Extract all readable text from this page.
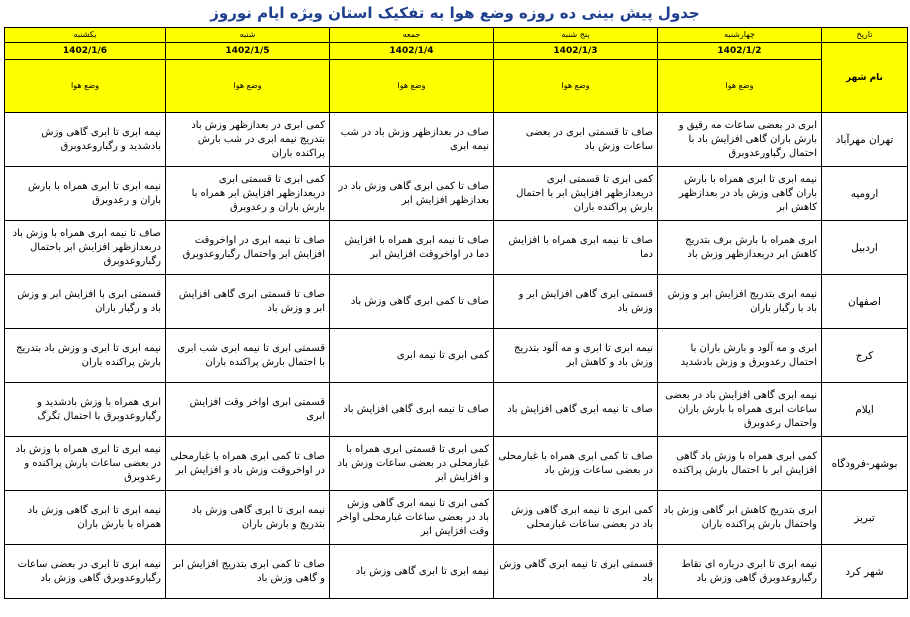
جدول پیش بینی ده روزه وضع هوا به تفکیک استان ویژه ایام نوروز
تاریخ	چهارشنبه	پنج شنبه	جمعه	شنبه	یکشنبه
نام شهر	1402/1/2	1402/1/3	1402/1/4	1402/1/5	1402/1/6
	وضع هوا	وضع هوا	وضع هوا	وضع هوا	وضع هوا
تهران مهرآباد	ابری در بعضی ساعات مه رقیق و بارش باران گاهی افزایش باد با احتمال رگباورعدوبرق	صاف تا قسمتی ابری در بعضی ساعات وزش باد	صاف در بعدازظهر وزش باد در شب نیمه ابری	کمی ابری در بعدازظهر وزش باد بتدریج نیمه ابری در شب بارش پراکنده باران	نیمه ابری تا ابری گاهی وزش بادشدید و رگباروعدوبرق
ارومیه	نیمه ابری تا ابری همراه با بارش باران گاهی وزش باد در بعدازظهر کاهش ابر	کمی ابری تا قسمتی ابری دربعدازظهر افزایش ابر با احتمال بارش پراکنده باران	صاف تا کمی ابری گاهی وزش باد در بعدازظهر افزایش ابر	کمی ابری تا قسمتی ابری دربعدازظهر افزایش ابر همراه با بارش باران و رعدوبرق	نیمه ابری تا ابری همراه با بارش باران و رعدوبرق
اردبیل	ابری همراه با بارش برف بتدریج کاهش ابر دربعدازظهر وزش باد	صاف تا نیمه ابری همراه با افزایش دما	صاف تا نیمه ابری همراه با افزایش دما در اواخروقت افزایش ابر	صاف تا نیمه ابری در اواخروقت افزایش ابر واحتمال رگباروعدوبرق	صاف تا نیمه ابری همراه با وزش باد دربعدازظهر افزایش ابر باحتمال رگباروعدوبرق
اصفهان	نیمه ابری بتدریج افزایش ابر و وزش باد با رگبار باران	قسمتی ابری گاهی افزایش ابر و وزش باد	صاف تا کمی ابری گاهی وزش باد	صاف تا قسمتی ابری گاهی افزایش ابر و وزش باد	قسمتی ابری با افزایش ابر و وزش باد و رگبار باران
کرج	ابری و مه آلود و بارش باران با احتمال رعدوبرق و وزش بادشدید	نیمه ابری تا ابری و مه آلود بتدریج وزش باد و کاهش ابر	کمی ابری تا نیمه ابری	قسمتی ابری تا نیمه ابری شب ابری با احتمال بارش پراکنده باران	نیمه ابری تا ابری و وزش باد بتدریج بارش پراکنده باران
ایلام	نیمه ابری گاهی افزایش باد در بعضی ساعات ابری همراه با بارش باران واحتمال رعدوبرق	صاف تا نیمه ابری گاهی افزایش باد	صاف تا نیمه ابری گاهی افزایش باد	قسمتی ابری اواخر وقت افزایش ابری	ابری همراه با وزش بادشدید و رگباروعدوبرق با احتمال تگرگ
بوشهر-فرودگاه	کمی ابری همراه با وزش باد گاهی افزایش ابر با احتمال بارش پراکنده	صاف تا کمی ابری همراه با غبارمحلی در بعضی ساعات وزش باد	کمی ابری تا قسمتی ابری همراه با غبارمحلی در بعضی ساعات وزش باد و افزایش ابر	صاف تا کمی ابری همراه با غبارمحلی در اواخروقت وزش باد و افزایش ابر	نیمه ابری تا ابری همراه با وزش باد در بعضی ساعات بارش پراکنده و رعدوبرق
تبریز	ابری بتدریج کاهش ابر گاهی وزش باد واحتمال بارش پراکنده باران	کمی ابری تا نیمه ابری گاهی وزش باد در بعضی ساعات غبارمحلی	کمی ابری تا نیمه ابری گاهی وزش باد در بعضی ساعات غبارمحلی اواخر وقت افزایش ابر	نیمه ابری تا ابری گاهی وزش باد بتدریج و بارش باران	نیمه ابری تا ابری گاهی وزش باد همراه با بارش باران
شهر کرد	نیمه ابری تا ابری درباره ای نقاط رگباروعدوبرق گاهی وزش باد	قسمتی ابری تا نیمه ابری گاهی وزش باد	نیمه ابری تا ابری گاهی وزش باد	صاف تا کمی ابری بتدریج افزایش ابر و گاهی وزش باد	نیمه ابری تا ابری در بعضی ساعات رگباروعدوبرق گاهی وزش باد
